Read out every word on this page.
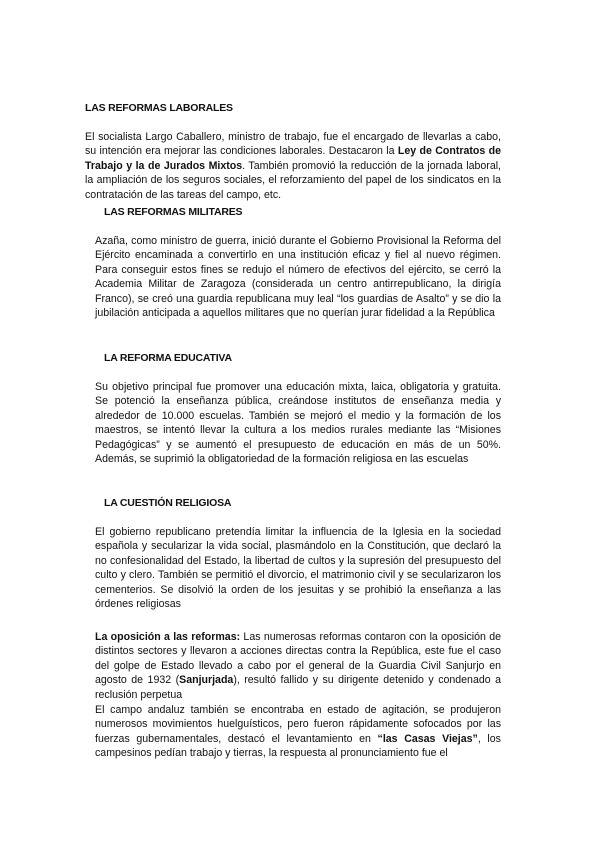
LAS REFORMAS LABORALES

El socialista Largo Caballero, ministro de trabajo, fue el encargado de llevarlas a cabo, su intención era mejorar las condiciones laborales. Destacaron la Ley de Contratos de Trabajo y la de Jurados Mixtos. También promovió la reducción de la jornada laboral, la ampliación de los seguros sociales, el reforzamiento del papel de los sindicatos en la contratación de las tareas del campo, etc.

LAS REFORMAS MILITARES

Azaña, como ministro de guerra, inició durante el Gobierno Provisional la Reforma del Ejército encaminada a convertirlo en una institución eficaz y fiel al nuevo régimen. Para conseguir estos fines se redujo el número de efectivos del ejército, se cerró la Academia Militar de Zaragoza (considerada un centro antirrepublicano, la dirigía Franco), se creó una guardia republicana muy leal “los guardias de Asalto” y se dio la jubilación anticipada a aquellos militares que no querían jurar fidelidad a la República

LA REFORMA EDUCATIVA

Su objetivo principal fue promover una educación mixta, laica, obligatoria y gratuita. Se potenció la enseñanza pública, creándose institutos de enseñanza media y alrededor de 10.000 escuelas. También se mejoró el medio y la formación de los maestros, se intentó llevar la cultura a los medios rurales mediante las “Misiones Pedagógicas” y se aumentó el presupuesto de educación en más de un 50%. Además, se suprimió la obligatoriedad de la formación religiosa en las escuelas

LA CUESTIÓN RELIGIOSA

El gobierno republicano pretendía limitar la influencia de la Iglesia en la sociedad española y secularizar la vida social, plasmándolo en la Constitución, que declaró la no confesionalidad del Estado, la libertad de cultos y la supresión del presupuesto del culto y clero. También se permitió el divorcio, el matrimonio civil y se secularizaron los cementerios. Se disolvió la orden de los jesuitas y se prohibió la enseñanza a las órdenes religiosas

La oposición a las reformas: Las numerosas reformas contaron con la oposición de distintos sectores y llevaron a acciones directas contra la República, este fue el caso del golpe de Estado llevado a cabo por el general de la Guardia Civil Sanjurjo en agosto de 1932 (Sanjurjada), resultó fallido y su dirigente detenido y condenado a reclusión perpetua

El campo andaluz también se encontraba en estado de agitación, se produjeron numerosos movimientos huelguísticos, pero fueron rápidamente sofocados por las fuerzas gubernamentales, destacó el levantamiento en “las Casas Viejas”, los campesinos pedían trabajo y tierras, la respuesta al pronunciamiento fue el
